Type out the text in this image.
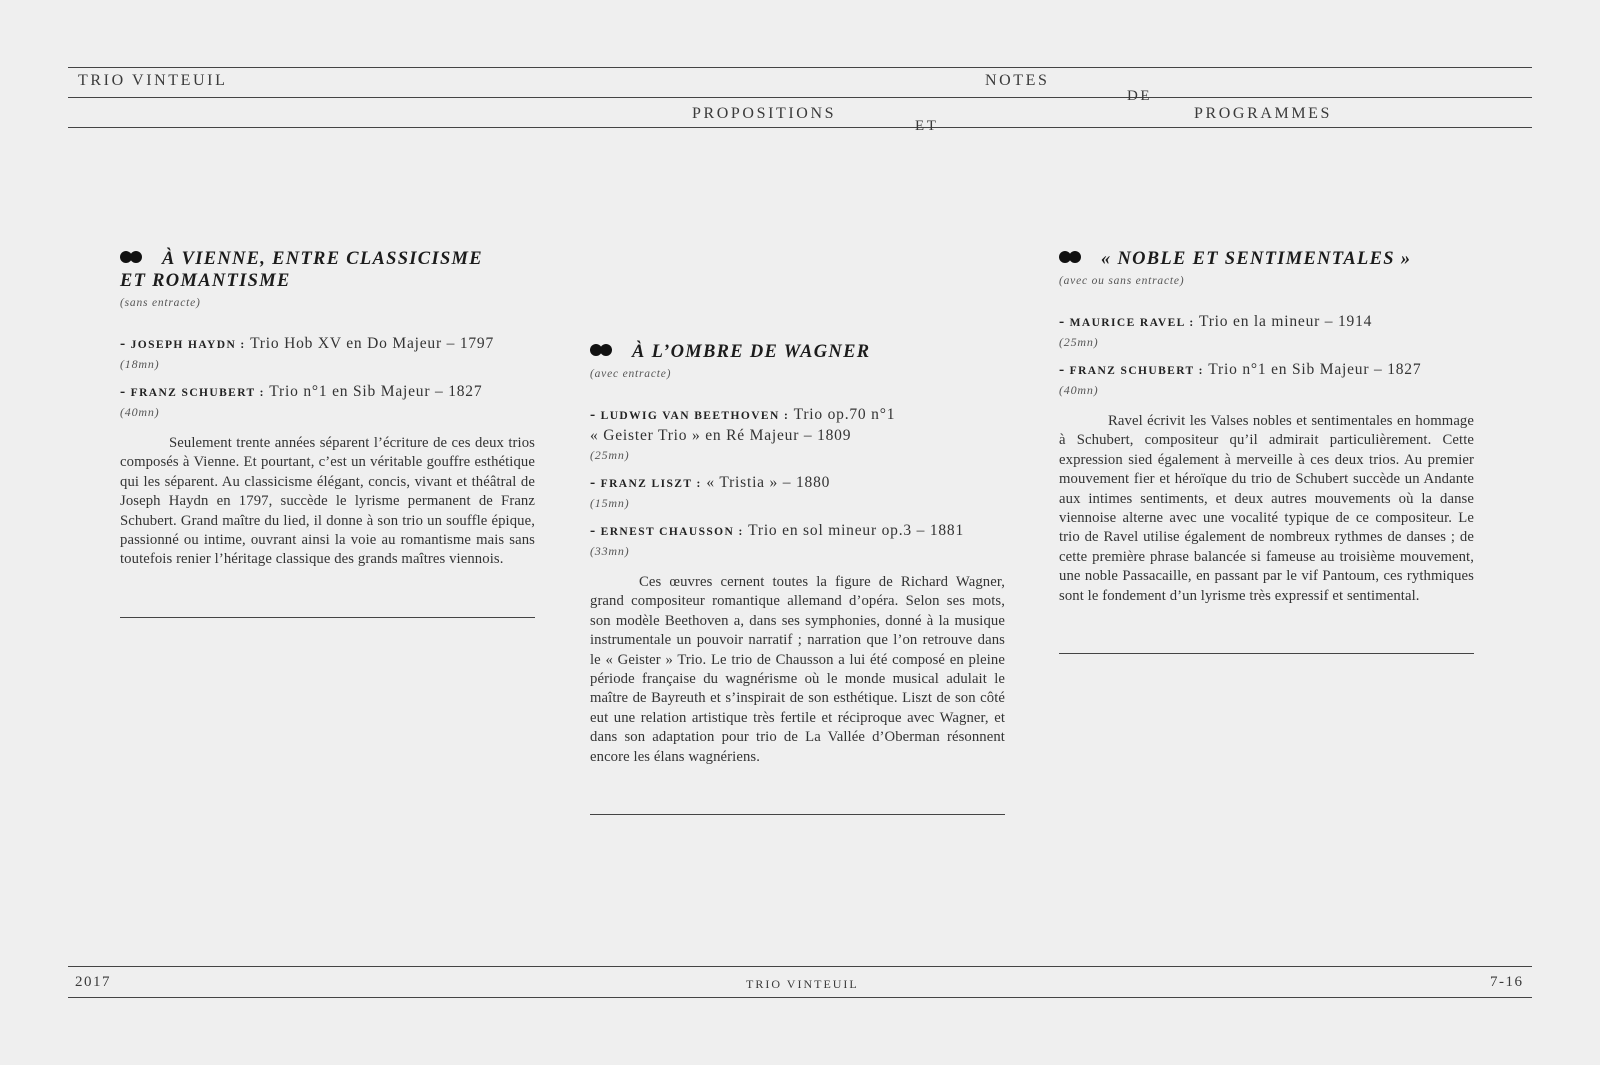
TRIO VINTEUIL	NOTES
DE
PROPOSITIONS
ET
PROGRAMMES
À VIENNE, ENTRE CLASSICISME
ET ROMANTISME
(sans entracte)
- JOSEPH HAYDN : Trio Hob XV en Do Majeur – 1797
(18mn)
- FRANZ SCHUBERT : Trio n°1 en Sib Majeur – 1827
(40mn)

Seulement trente années séparent l’écriture de ces deux trios composés à Vienne. Et pourtant, c’est un véritable gouffre esthétique qui les séparent. Au classicisme élégant, concis, vivant et théâtral de Joseph Haydn en 1797, succède le lyrisme permanent de Franz Schubert. Grand maître du lied, il donne à son trio un souffle épique, passionné ou intime, ouvrant ainsi la voie au romantisme mais sans toutefois renier l’héritage classique des grands maîtres viennois.

À L’OMBRE DE WAGNER
(avec entracte)
- LUDWIG VAN BEETHOVEN : Trio op.70 n°1
« Geister Trio » en Ré Majeur – 1809
(25mn)
- FRANZ LISZT : « Tristia » – 1880
(15mn)
- ERNEST CHAUSSON : Trio en sol mineur op.3 – 1881
(33mn)

Ces œuvres cernent toutes la figure de Richard Wagner, grand compositeur romantique allemand d’opéra. Selon ses mots, son modèle Beethoven a, dans ses symphonies, donné à la musique instrumentale un pouvoir narratif ; narration que l’on retrouve dans le « Geister » Trio. Le trio de Chausson a lui été composé en pleine période française du wagnérisme où le monde musical adulait le maître de Bayreuth et s’inspirait de son esthétique. Liszt de son côté eut une relation artistique très fertile et réciproque avec Wagner, et dans son adaptation pour trio de La Vallée d’Oberman résonnent encore les élans wagnériens.

« NOBLE ET SENTIMENTALES »
(avec ou sans entracte)
- MAURICE RAVEL : Trio en la mineur – 1914
(25mn)
- FRANZ SCHUBERT : Trio n°1 en Sib Majeur – 1827
(40mn)

Ravel écrivit les Valses nobles et sentimentales en hommage à Schubert, compositeur qu’il admirait particulièrement. Cette expression sied également à merveille à ces deux trios. Au premier mouvement fier et héroïque du trio de Schubert succède un Andante aux intimes sentiments, et deux autres mouvements où la danse viennoise alterne avec une vocalité typique de ce compositeur. Le trio de Ravel utilise également de nombreux rythmes de danses ; de cette première phrase balancée si fameuse au troisième mouvement, une noble Passacaille, en passant par le vif Pantoum, ces rythmiques sont le fondement d’un lyrisme très expressif et sentimental.

2017	TRIO VINTEUIL	7-16
